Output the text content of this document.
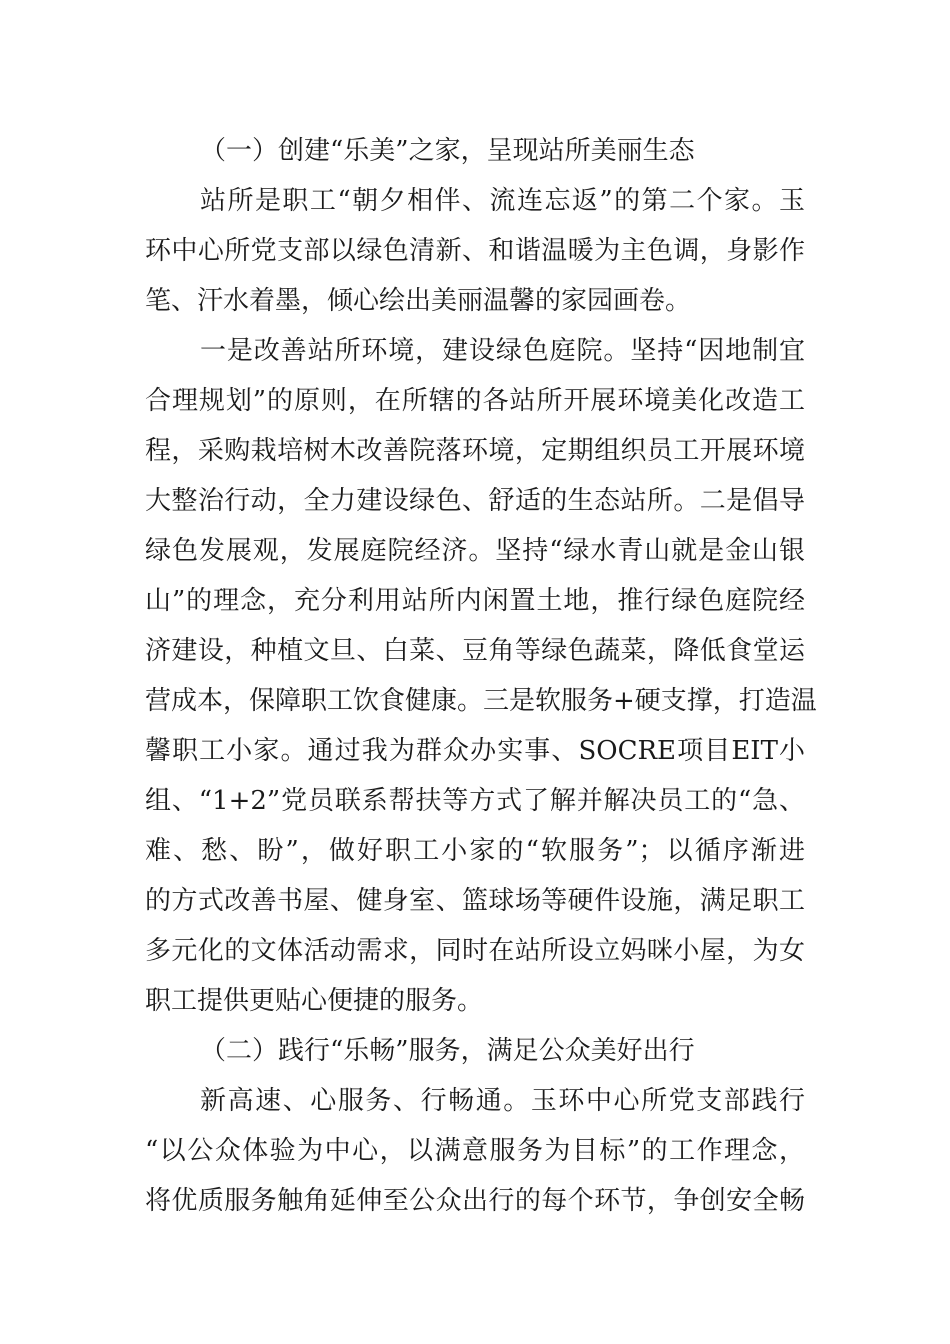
（一）创建“乐美”之家，呈现站所美丽生态
站所是职工“朝夕相伴、流连忘返”的第二个家。玉
环中心所党支部以绿色清新、和谐温暖为主色调，身影作
笔、汗水着墨，倾心绘出美丽温馨的家园画卷。
一是改善站所环境，建设绿色庭院。坚持“因地制宜
合理规划”的原则，在所辖的各站所开展环境美化改造工
程，采购栽培树木改善院落环境，定期组织员工开展环境
大整治行动，全力建设绿色、舒适的生态站所。二是倡导
绿色发展观，发展庭院经济。坚持“绿水青山就是金山银
山”的理念，充分利用站所内闲置土地，推行绿色庭院经
济建设，种植文旦、白菜、豆角等绿色蔬菜，降低食堂运
营成本，保障职工饮食健康。三是软服务+硬支撑，打造温
馨职工小家。通过我为群众办实事、SOCRE项目EIT小
组、“1+2”党员联系帮扶等方式了解并解决员工的“急、
难、愁、盼”，做好职工小家的“软服务”；以循序渐进
的方式改善书屋、健身室、篮球场等硬件设施，满足职工
多元化的文体活动需求，同时在站所设立妈咪小屋，为女
职工提供更贴心便捷的服务。
（二）践行“乐畅”服务，满足公众美好出行
新高速、心服务、行畅通。玉环中心所党支部践行
“以公众体验为中心，以满意服务为目标”的工作理念，
将优质服务触角延伸至公众出行的每个环节，争创安全畅
